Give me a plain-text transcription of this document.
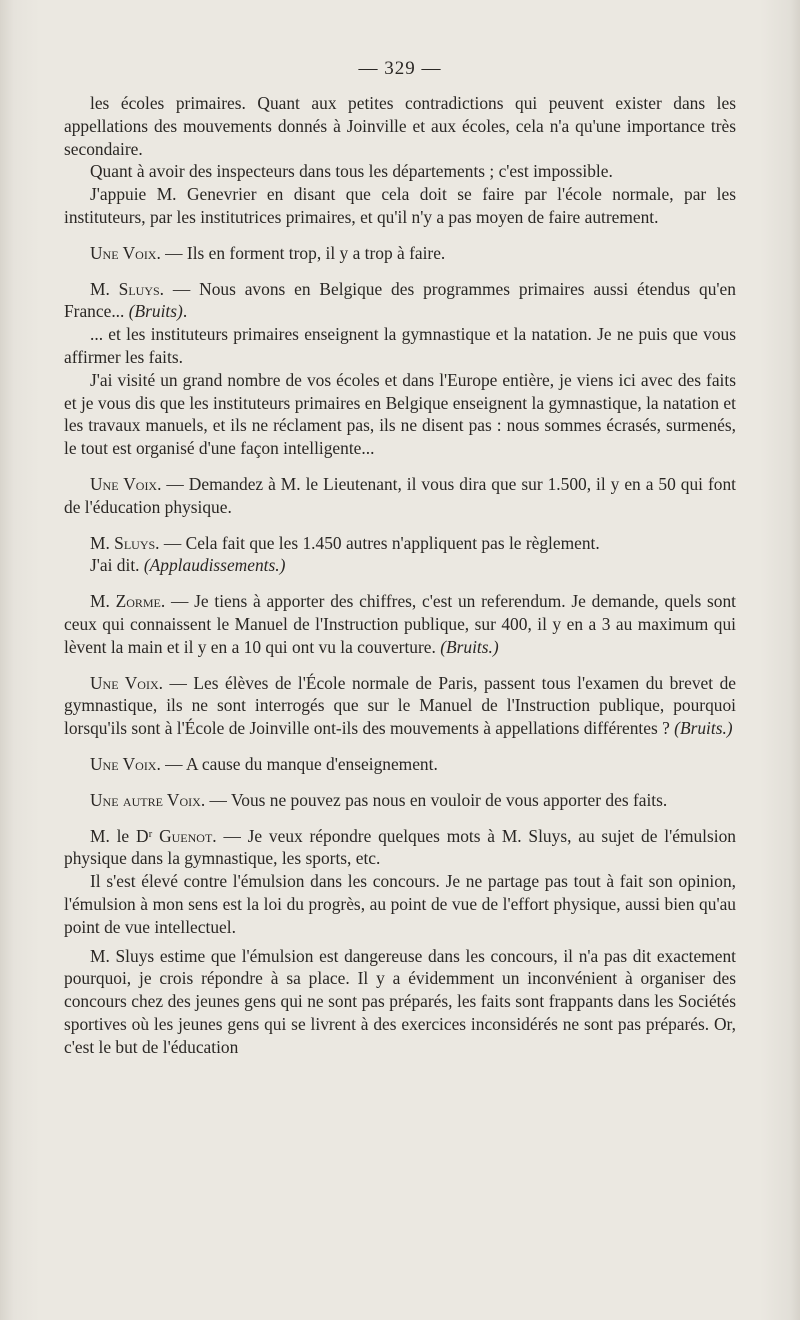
— 329 —

les écoles primaires. Quant aux petites contradictions qui peuvent exister dans les appellations des mouvements donnés à Joinville et aux écoles, cela n'a qu'une importance très secondaire.

Quant à avoir des inspecteurs dans tous les départements ; c'est impossible.

J'appuie M. Genevrier en disant que cela doit se faire par l'école normale, par les instituteurs, par les institutrices primaires, et qu'il n'y a pas moyen de faire autrement.

Une Voix. — Ils en forment trop, il y a trop à faire.

M. Sluys. — Nous avons en Belgique des programmes primaires aussi étendus qu'en France... (Bruits).

... et les instituteurs primaires enseignent la gymnastique et la natation. Je ne puis que vous affirmer les faits.

J'ai visité un grand nombre de vos écoles et dans l'Europe entière, je viens ici avec des faits et je vous dis que les instituteurs primaires en Belgique enseignent la gymnastique, la natation et les travaux manuels, et ils ne réclament pas, ils ne disent pas : nous sommes écrasés, surmenés, le tout est organisé d'une façon intelligente...

Une Voix. — Demandez à M. le Lieutenant, il vous dira que sur 1.500, il y en a 50 qui font de l'éducation physique.

M. Sluys. — Cela fait que les 1.450 autres n'appliquent pas le règlement.

J'ai dit. (Applaudissements.)

M. Zorme. — Je tiens à apporter des chiffres, c'est un referendum. Je demande, quels sont ceux qui connaissent le Manuel de l'Instruction publique, sur 400, il y en a 3 au maximum qui lèvent la main et il y en a 10 qui ont vu la couverture. (Bruits.)

Une Voix. — Les élèves de l'École normale de Paris, passent tous l'examen du brevet de gymnastique, ils ne sont interrogés que sur le Manuel de l'Instruction publique, pourquoi lorsqu'ils sont à l'École de Joinville ont-ils des mouvements à appellations différentes ? (Bruits.)

Une Voix. — A cause du manque d'enseignement.

Une autre Voix. — Vous ne pouvez pas nous en vouloir de vous apporter des faits.

M. le Dʳ Guenot. — Je veux répondre quelques mots à M. Sluys, au sujet de l'émulsion physique dans la gymnastique, les sports, etc.

Il s'est élevé contre l'émulsion dans les concours. Je ne partage pas tout à fait son opinion, l'émulsion à mon sens est la loi du progrès, au point de vue de l'effort physique, aussi bien qu'au point de vue intellectuel.

M. Sluys estime que l'émulsion est dangereuse dans les concours, il n'a pas dit exactement pourquoi, je crois répondre à sa place. Il y a évidemment un inconvénient à organiser des concours chez des jeunes gens qui ne sont pas préparés, les faits sont frappants dans les Sociétés sportives où les jeunes gens qui se livrent à des exercices inconsidérés ne sont pas préparés. Or, c'est le but de l'éducation
